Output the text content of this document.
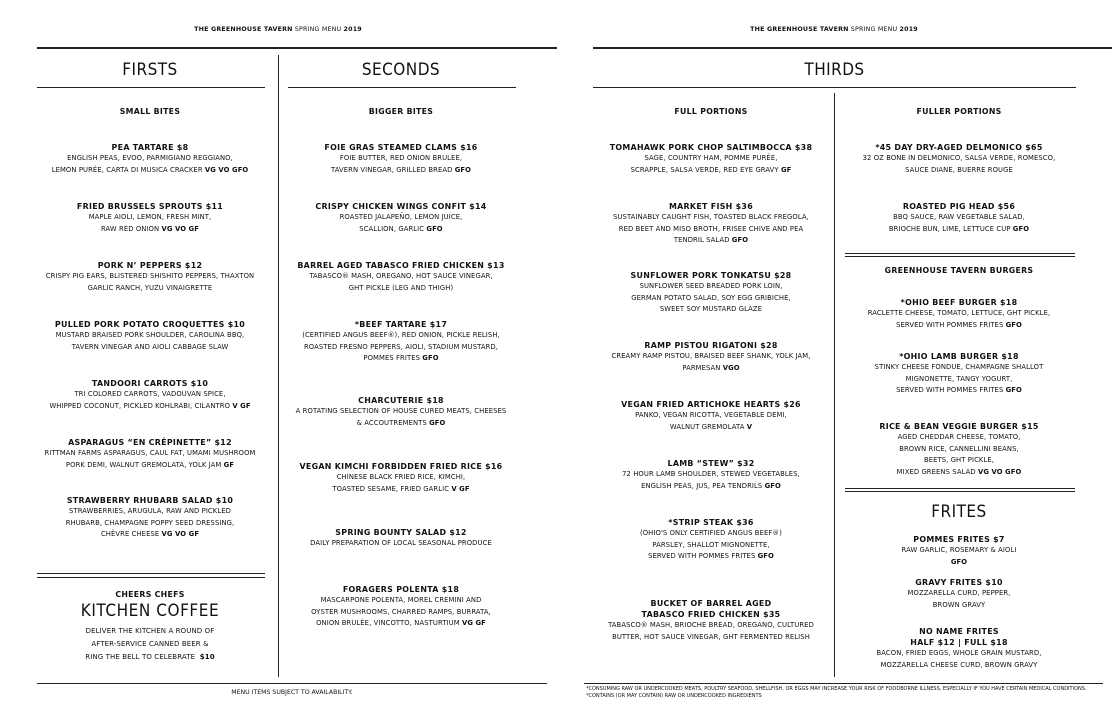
THE GREENHOUSE TAVERN SPRING MENU 2019
FIRSTS
SMALL BITES
PEA TARTARE $8
ENGLISH PEAS, EVOO, PARMIGIANO REGGIANO,
LEMON PURÉE, CARTA DI MUSICA CRACKER VG VO GFO
FRIED BRUSSELS SPROUTS $11
MAPLE AIOLI, LEMON, FRESH MINT,
RAW RED ONION VG VO GF
PORK N’ PEPPERS $12
CRISPY PIG EARS, BLISTERED SHISHITO PEPPERS, THAXTON
GARLIC RANCH, YUZU VINAIGRETTE
PULLED PORK POTATO CROQUETTES $10
MUSTARD BRAISED PORK SHOULDER, CAROLINA BBQ,
TAVERN VINEGAR AND AIOLI CABBAGE SLAW
TANDOORI CARROTS $10
TRI COLORED CARROTS, VADOUVAN SPICE,
WHIPPED COCONUT, PICKLED KOHLRABI, CILANTRO V GF
ASPARAGUS “EN CRÉPINETTE” $12
RITTMAN FARMS ASPARAGUS, CAUL FAT, UMAMI MUSHROOM
PORK DEMI, WALNUT GREMOLATA, YOLK JAM GF
STRAWBERRY RHUBARB SALAD $10
STRAWBERRIES, ARUGULA, RAW AND PICKLED
RHUBARB, CHAMPAGNE POPPY SEED DRESSING,
CHÈVRE CHEESE VG VO GF
CHEERS CHEFS
KITCHEN COFFEE
DELIVER THE KITCHEN A ROUND OF
AFTER-SERVICE CANNED BEER &
RING THE BELL TO CELEBRATE $10
SECONDS
BIGGER BITES
FOIE GRAS STEAMED CLAMS $16
FOIE BUTTER, RED ONION BRULEE,
TAVERN VINEGAR, GRILLED BREAD GFO
CRISPY CHICKEN WINGS CONFIT $14
ROASTED JALAPEÑO, LEMON JUICE,
SCALLION, GARLIC GFO
BARREL AGED TABASCO FRIED CHICKEN $13
TABASCO® MASH, OREGANO, HOT SAUCE VINEGAR,
GHT PICKLE (LEG AND THIGH)
*BEEF TARTARE $17
(CERTIFIED ANGUS BEEF®), RED ONION, PICKLE RELISH,
ROASTED FRESNO PEPPERS, AIOLI, STADIUM MUSTARD,
POMMES FRITES GFO
CHARCUTERIE $18
A ROTATING SELECTION OF HOUSE CURED MEATS, CHEESES
& ACCOUTREMENTS GFO
VEGAN KIMCHI FORBIDDEN FRIED RICE $16
CHINESE BLACK FRIED RICE, KIMCHI,
TOASTED SESAME, FRIED GARLIC V GF
SPRING BOUNTY SALAD $12
DAILY PREPARATION OF LOCAL SEASONAL PRODUCE
FORAGERS POLENTA $18
MASCARPONE POLENTA, MOREL CREMINI AND
OYSTER MUSHROOMS, CHARRED RAMPS, BURRATA,
ONION BRULÉE, VINCOTTO, NASTURTIUM VG GF
MENU ITEMS SUBJECT TO AVAILABILITY.
THE GREENHOUSE TAVERN SPRING MENU 2019
THIRDS
FULL PORTIONS
TOMAHAWK PORK CHOP SALTIMBOCCA $38
SAGE, COUNTRY HAM, POMME PURÉE,
SCRAPPLE, SALSA VERDE, RED EYE GRAVY GF
MARKET FISH $36
SUSTAINABLY CAUGHT FISH, TOASTED BLACK FREGOLA,
RED BEET AND MISO BROTH, FRISEE CHIVE AND PEA
TENDRIL SALAD GFO
SUNFLOWER PORK TONKATSU $28
SUNFLOWER SEED BREADED PORK LOIN,
GERMAN POTATO SALAD, SOY EGG GRIBICHE,
SWEET SOY MUSTARD GLAZE
RAMP PISTOU RIGATONI $28
CREAMY RAMP PISTOU, BRAISED BEEF SHANK, YOLK JAM,
PARMESAN VGO
VEGAN FRIED ARTICHOKE HEARTS $26
PANKO, VEGAN RICOTTA, VEGETABLE DEMI,
WALNUT GREMOLATA V
LAMB “STEW” $32
72 HOUR LAMB SHOULDER, STEWED VEGETABLES,
ENGLISH PEAS, JUS, PEA TENDRILS GFO
*STRIP STEAK $36
(OHIO'S ONLY CERTIFIED ANGUS BEEF®)
PARSLEY, SHALLOT MIGNONETTE,
SERVED WITH POMMES FRITES GFO
BUCKET OF BARREL AGED
TABASCO FRIED CHICKEN $35
TABASCO® MASH, BRIOCHE BREAD, OREGANO, CULTURED
BUTTER, HOT SAUCE VINEGAR, GHT FERMENTED RELISH
FULLER PORTIONS
*45 DAY DRY-AGED DELMONICO $65
32 OZ BONE IN DELMONICO, SALSA VERDE, ROMESCO,
SAUCE DIANE, BUERRE ROUGE
ROASTED PIG HEAD $56
BBQ SAUCE, RAW VEGETABLE SALAD,
BRIOCHE BUN, LIME, LETTUCE CUP GFO
GREENHOUSE TAVERN BURGERS
*OHIO BEEF BURGER $18
RACLETTE CHEESE, TOMATO, LETTUCE, GHT PICKLE,
SERVED WITH POMMES FRITES GFO
*OHIO LAMB BURGER $18
STINKY CHEESE FONDUE, CHAMPAGNE SHALLOT
MIGNONETTE, TANGY YOGURT,
SERVED WITH POMMES FRITES GFO
RICE & BEAN VEGGIE BURGER $15
AGED CHEDDAR CHEESE, TOMATO,
BROWN RICE, CANNELLINI BEANS,
BEETS, GHT PICKLE,
MIXED GREENS SALAD VG VO GFO
FRITES
POMMES FRITES $7
RAW GARLIC, ROSEMARY & AIOLI
GFO
GRAVY FRITES $10
MOZZARELLA CURD, PEPPER,
BROWN GRAVY
NO NAME FRITES
HALF $12 | FULL $18
BACON, FRIED EGGS, WHOLE GRAIN MUSTARD,
MOZZARELLA CHEESE CURD, BROWN GRAVY
*CONSUMING RAW OR UNDERCOOKED MEATS, POULTRY SEAFOOD, SHELLFISH, OR EGGS MAY INCREASE YOUR RISK OF FOODBORNE ILLNESS, ESPECIALLY IF YOU HAVE CERTAIN MEDICAL CONDITIONS.
*CONTAINS (OR MAY CONTAIN) RAW OR UNDERCOOKED INGREDIENTS
